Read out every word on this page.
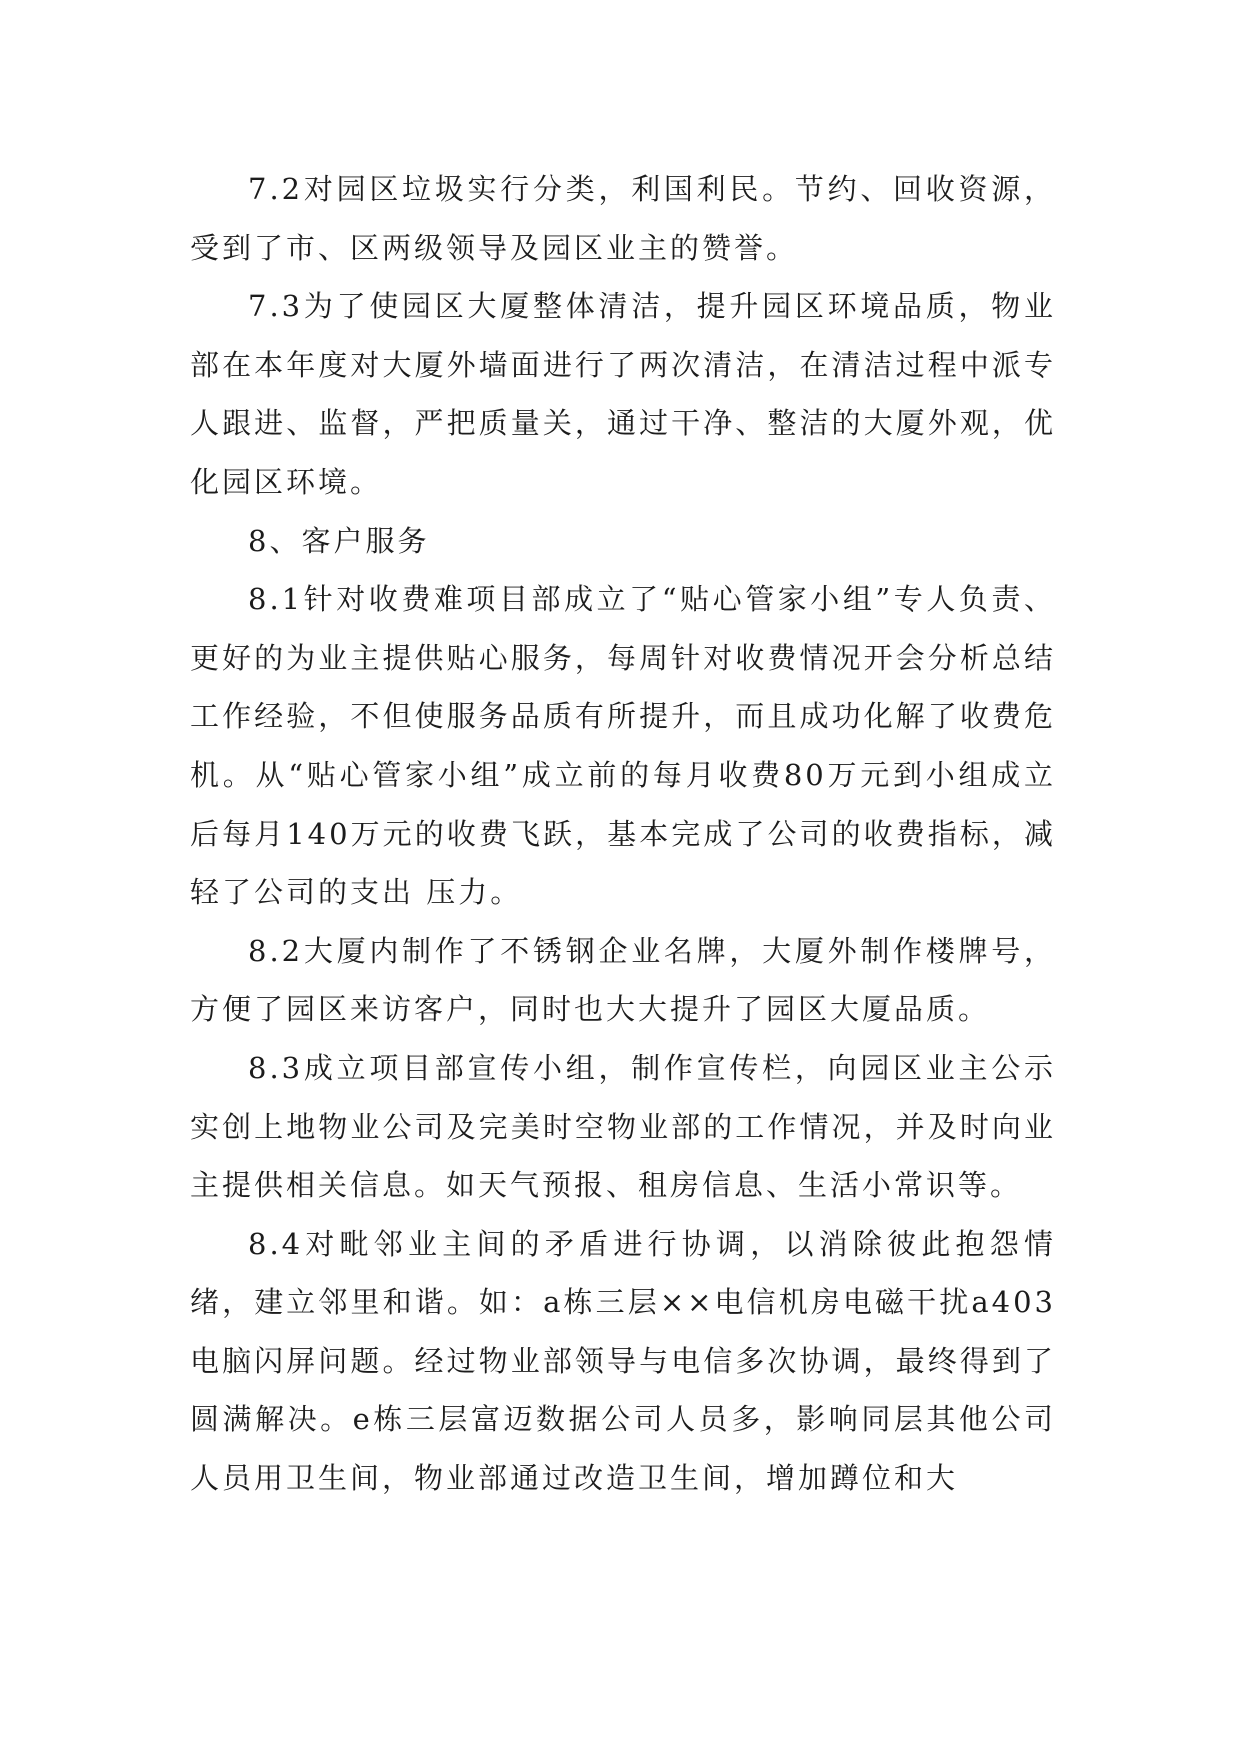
7.2对园区垃圾实行分类，利国利民。节约、回收资源，受到了市、区两级领导及园区业主的赞誉。

7.3为了使园区大厦整体清洁，提升园区环境品质，物业部在本年度对大厦外墙面进行了两次清洁，在清洁过程中派专人跟进、监督，严把质量关，通过干净、整洁的大厦外观，优化园区环境。

8、客户服务

8.1针对收费难项目部成立了“贴心管家小组”专人负责、更好的为业主提供贴心服务，每周针对收费情况开会分析总结工作经验，不但使服务品质有所提升，而且成功化解了收费危机。从“贴心管家小组”成立前的每月收费80万元到小组成立后每月140万元的收费飞跃，基本完成了公司的收费指标，减轻了公司的支出 压力。

8.2大厦内制作了不锈钢企业名牌，大厦外制作楼牌号，方便了园区来访客户，同时也大大提升了园区大厦品质。

8.3成立项目部宣传小组，制作宣传栏，向园区业主公示实创上地物业公司及完美时空物业部的工作情况，并及时向业主提供相关信息。如天气预报、租房信息、生活小常识等。

8.4对毗邻业主间的矛盾进行协调，以消除彼此抱怨情绪，建立邻里和谐。如：a栋三层××电信机房电磁干扰a403电脑闪屏问题。经过物业部领导与电信多次协调，最终得到了圆满解决。e栋三层富迈数据公司人员多，影响同层其他公司人员用卫生间，物业部通过改造卫生间，增加蹲位和大
